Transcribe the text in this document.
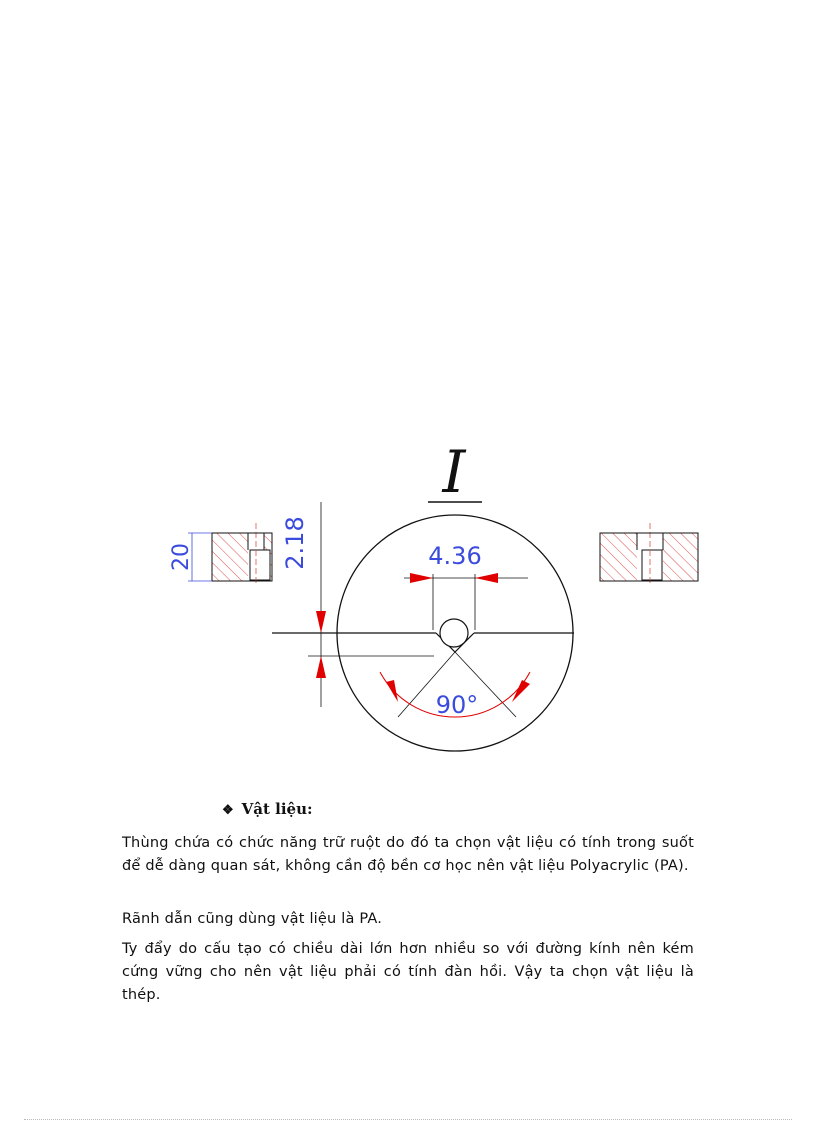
I
20	4.36
2.18
90°
❖ Vật liệu:

Thùng chứa có chức năng trữ ruột do đó ta chọn vật liệu có tính trong suốt để dễ dàng quan sát, không cần độ bền cơ học nên vật liệu Polyacrylic (PA).

Rãnh dẫn cũng dùng vật liệu là PA.

Ty đẩy do cấu tạo có chiều dài lớn hơn nhiều so với đường kính nên kém cứng vững cho nên vật liệu phải có tính đàn hồi. Vậy ta chọn vật liệu là thép.
